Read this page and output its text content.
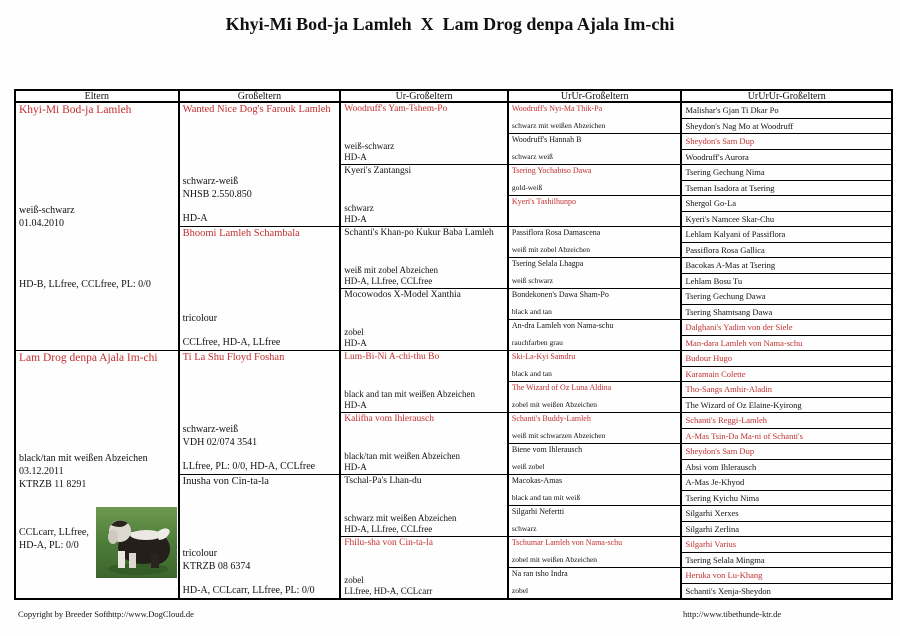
Khyi-Mi Bod-ja Lamleh  X  Lam Drog denpa Ajala Im-chi
Eltern
Khyi-Mi Bod-ja Lamleh
weiß-schwarz
01.04.2010
HD-B, LLfree, CCLfree, PL: 0/0
Lam Drog denpa Ajala Im-chi
black/tan mit weißen Abzeichen
03.12.2011
KTRZB 11 8291
CCLcarr, LLfree,
HD-A, PL: 0/0
Großeltern
Wanted Nice Dog's Farouk Lamleh
schwarz-weiß
NHSB 2.550.850
HD-A
Bhoomi Lamleh Schambala
tricolour
CCLfree, HD-A, LLfree
Ti La Shu Floyd Foshan
schwarz-weiß
VDH 02/074 3541
LLfree, PL: 0/0, HD-A, CCLfree
Inusha von Cin-ta-la
tricolour
KTRZB 08 6374
HD-A, CCLcarr, LLfree, PL: 0/0
Ur-Großeltern
Woodruff's Yam-Tshem-Po
weiß-schwarz
HD-A
Kyeri's Zantangsi
schwarz
HD-A
Schanti's Khan-po Kukur Baba Lamleh
weiß mit zobel Abzeichen
HD-A, LLfree, CCLfree
Mocowodos X-Model Xanthia
zobel
HD-A
Lum-Bi-Ni A-chi-thu Bo
black and tan mit weißen Abzeichen
HD-A
Kalifha vom Ihlerausch
black/tan mit weißen Abzeichen
HD-A
Tschal-Pa's Lhan-du
schwarz mit weißen Abzeichen
HD-A, LLfree, CCLfree
Fhilu-sha von Cin-ta-la
zobel
LLfree, HD-A, CCLcarr
UrUr-Großeltern
Woodruff's Nyi-Ma Thik-Pa
schwarz mit weißen Abzeichen
Woodruff's Hannah B
schwarz weiß
Tsering Yochabtso Dawa
gold-weiß
Kyeri's Tashilhunpo
Passiflora Rosa Damascena
weiß mit zobel Abzeichen
Tsering Selala Lhagpa
weiß schwarz
Bondekonen's Dawa Sham-Po
black and tan
An-dra Lamleh von Nama-schu
rauchfarben grau
Ski-La-Kyi Samdru
black and tan
The Wizard of Oz Luna Aldina
zobel mit weißen Abzeichen
Schanti's Buddy-Lamleh
weiß mit schwarzen Abzeichen
Biene vom Ihlerausch
weiß zobel
Macokas-Amas
black and tan mit weiß
Silgarhi Nefertti
schwarz
Tschumar Lamleh von Nama-schu
zobel mit weißen Abzeichen
Na ran tsho Indra
zobel
UrUrUr-Großeltern
Malishar's Gjan Ti Dkar Po
Sheydon's Nag Mo at Woodruff
Sheydon's Sam Dup
Woodruff's Aurora
Tsering Gechung Nima
Tseman Isadora at Tsering
Shergol Go-La
Kyeri's Namcee Skar-Chu
Lehlam Kalyani of Passiflora
Passiflora Rosa Gallica
Bacokas A-Mas at Tsering
Lehlam Bosu Tu
Tsering Gechung Dawa
Tsering Shamtsang Dawa
Dalghani's Yadim von der Siele
Man-dara Lamleh von Nama-schu
Budour Hugo
Karamain Colette
Tho-Sangs Amhir-Aladin
The Wizard of Oz Elaine-Kyirong
Schanti's Reggi-Lamleh
A-Mas Tsin-Da Ma-ni of Schanti's
Sheydon's Sam Dup
Absi vom Ihlerausch
A-Mas Je-Khyod
Tsering Kyichu Nima
Silgarhi Xerxes
Silgarhi Zerlina
Silgarhi Varius
Tsering Selala Mingma
Heruka von Lu-Khang
Schanti's Xenja-Sheydon
Copyright by Breeder Soft http://www.DogCloud.de	http://www.tibethunde-ktr.de
